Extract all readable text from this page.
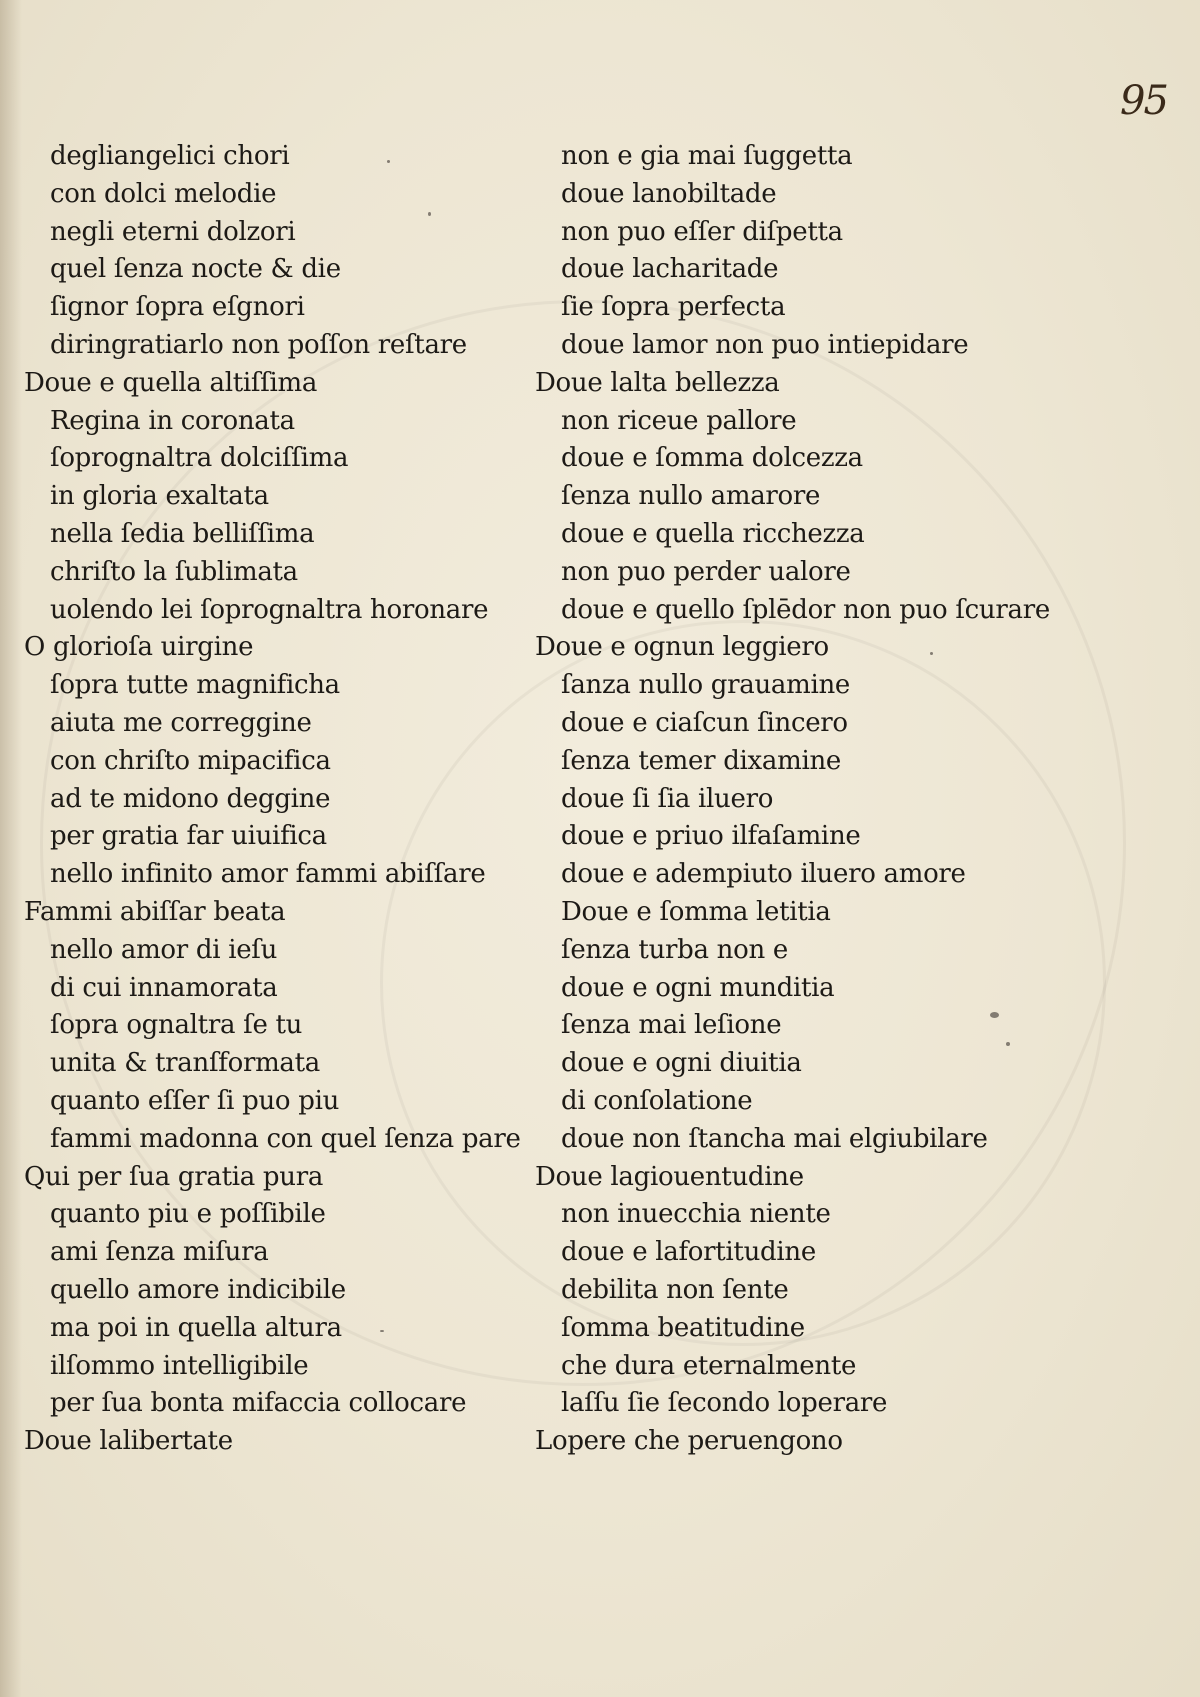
95
degliangelici chori
con dolci melodie
negli eterni dolzori
quel ſenza nocte & die
ſignor ſopra eſgnori
diringratiarlo non poſſon reſtare
Doue e quella altiſſima
Regina in coronata
ſoprognaltra dolciſſima
in gloria exaltata
nella ſedia belliſſima
chriſto la ſublimata
uolendo lei ſoprognaltra horonare
O glorioſa uirgine
ſopra tutte magnificha
aiuta me correggine
con chriſto mipacifica
ad te midono deggine
per gratia far uiuifica
nello infinito amor fammi abiſſare
Fammi abiſſar beata
nello amor di ieſu
di cui innamorata
ſopra ognaltra ſe tu
unita & tranſformata
quanto eſſer ſi puo piu
fammi madonna con quel ſenza pare
Qui per ſua gratia pura
quanto piu e poſſibile
ami ſenza miſura
quello amore indicibile
ma poi in quella altura
ilſommo intelligibile
per ſua bonta mifaccia collocare
Doue lalibertate
non e gia mai ſuggetta
doue lanobiltade
non puo eſſer diſpetta
doue lacharitade
ſie ſopra perfecta
doue lamor non puo intiepidare
Doue lalta bellezza
non riceue pallore
doue e ſomma dolcezza
ſenza nullo amarore
doue e quella ricchezza
non puo perder ualore
doue e quello ſplēdor non puo ſcurare
Doue e ognun leggiero
ſanza nullo grauamine
doue e ciaſcun ſincero
ſenza temer dixamine
doue ſi ſia iluero
doue e priuo ilfaſamine
doue e adempiuto iluero amore
Doue e ſomma letitia
ſenza turba non e
doue e ogni munditia
ſenza mai leſione
doue e ogni diuitia
di conſolatione
doue non ſtancha mai elgiubilare
Doue lagiouentudine
non inuecchia niente
doue e lafortitudine
debilita non ſente
ſomma beatitudine
che dura eternalmente
laſſu ſie ſecondo loperare
Lopere che peruengono
